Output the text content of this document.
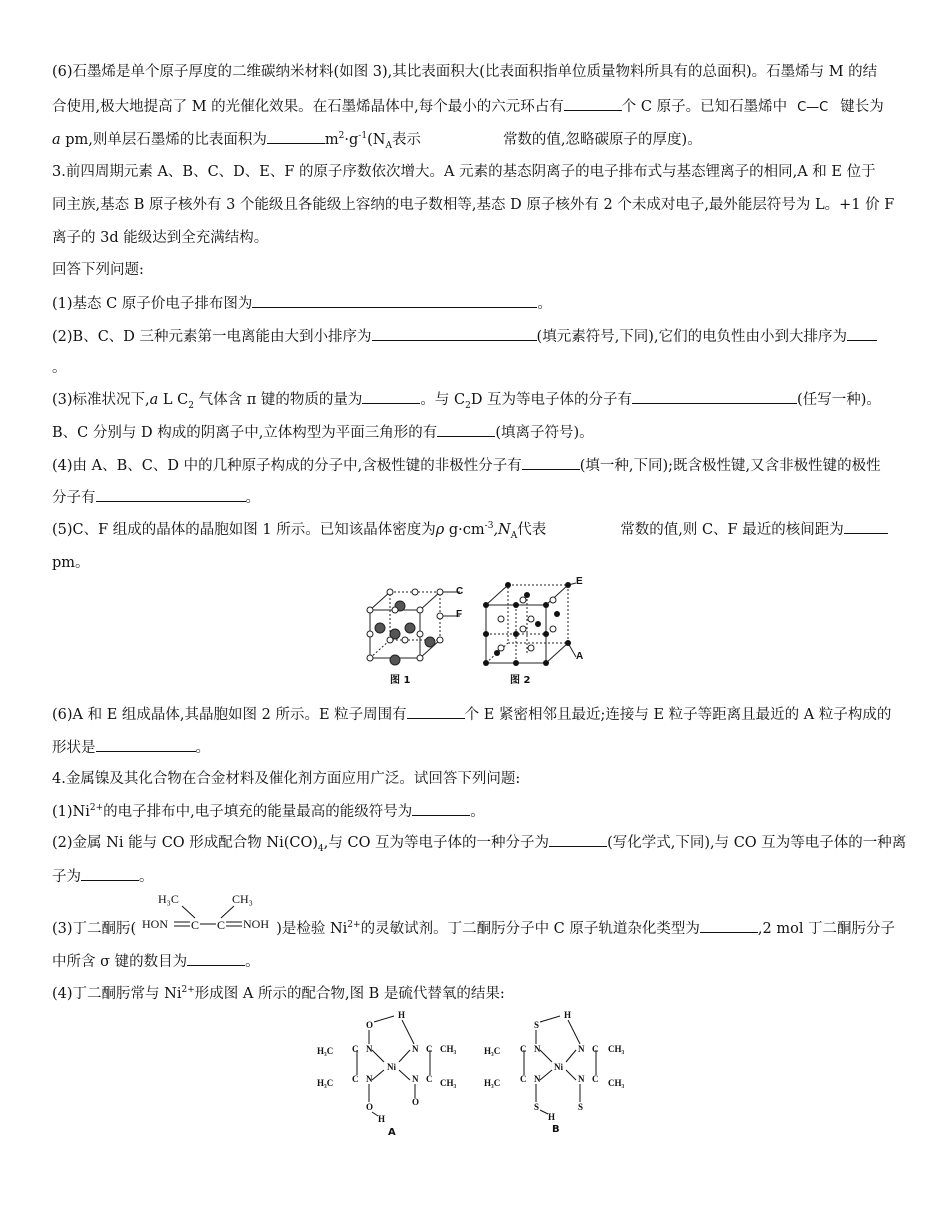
(6)石墨烯是单个原子厚度的二维碳纳米材料(如图 3),其比表面积大(比表面积指单位质量物料所具有的总面积)。石墨烯与 M 的结
合使用,极大地提高了 M 的光催化效果。在石墨烯晶体中,每个最小的六元环占有	个 C 原子。已知石墨烯中 C—C 键长为
a pm,则单层石墨烯的比表面积为	$m^2\cdot g^{-1}(N_A$表示	常数的值,忽略碳原子的厚度)。
3.前四周期元素 A、B、C、D、E、F 的原子序数依次增大。A 元素的基态阴离子的电子排布式与基态锂离子的相同,A 和 E 位于
同主族,基态 B 原子核外有 3 个能级且各能级上容纳的电子数相等,基态 D 原子核外有 2 个未成对电子,最外能层符号为 L。+1 价 F
离子的 3d 能级达到全充满结构。
回答下列问题:
(1)基态 C 原子价电子排布图为	。
(2)B、C、D 三种元素第一电离能由大到小排序为	(填元素符号,下同),它们的电负性由小到大排序为
。
(3)标准状况下,a L $C_2$ 气体含 π 键的物质的量为	。与 $C_2D$ 互为等电子体的分子有	(任写一种)。
B、C 分别与 D 构成的阴离子中,立体构型为平面三角形的有	(填离子符号)。
(4)由 A、B、C、D 中的几种原子构成的分子中,含极性键的非极性分子有	(填一种,下同);既含极性键,又含非极性键的极性
分子有	。
(5)C、F 组成的晶体的晶胞如图 1 所示。已知该晶体密度为ρ $g\cdot cm^{-3},N_A$代表	常数的值,则 C、F 最近的核间距为
pm。
C
F
图 1
E
A
图 2
(6)A 和 E 组成晶体,其晶胞如图 2 所示。E 粒子周围有	个 E 紧密相邻且最近;连接与 E 粒子等距离且最近的 A 粒子构成的
形状是	。
4.金属镍及其化合物在合金材料及催化剂方面应用广泛。试回答下列问题:
$(1)Ni^{2+}$的电子排布中,电子填充的能量最高的能级符号为	。
(2)金属 Ni 能与 CO 形成配合物 $Ni(CO)_4$,与 CO 互为等电子体的一种分子为	(写化学式,下同),与 CO 互为等电子体的一种离
子为	。
(3)丁二酮肟(	)是检验 $Ni^{2+}$的灵敏试剂。丁二酮肟分子中 C 原子轨道杂化类型为	,2 mol 丁二酮肟分子
H₃C	CH₃
HON	NOH
C C
中所含 σ 键的数目为	。
(4)丁二酮肟常与 $Ni^{2+}$形成图 A 所示的配合物,图 B 是硫代替氧的结果:
O
H
H₃C
H₃C
C
C
N
N
Ni
N
N
C
C
CH₃
CH₃
O
O
H
S
H
H₃C
H₃C
C
C
N
N
Ni
N
N
C
C
CH₃
CH₃
S
S
H
A	B
